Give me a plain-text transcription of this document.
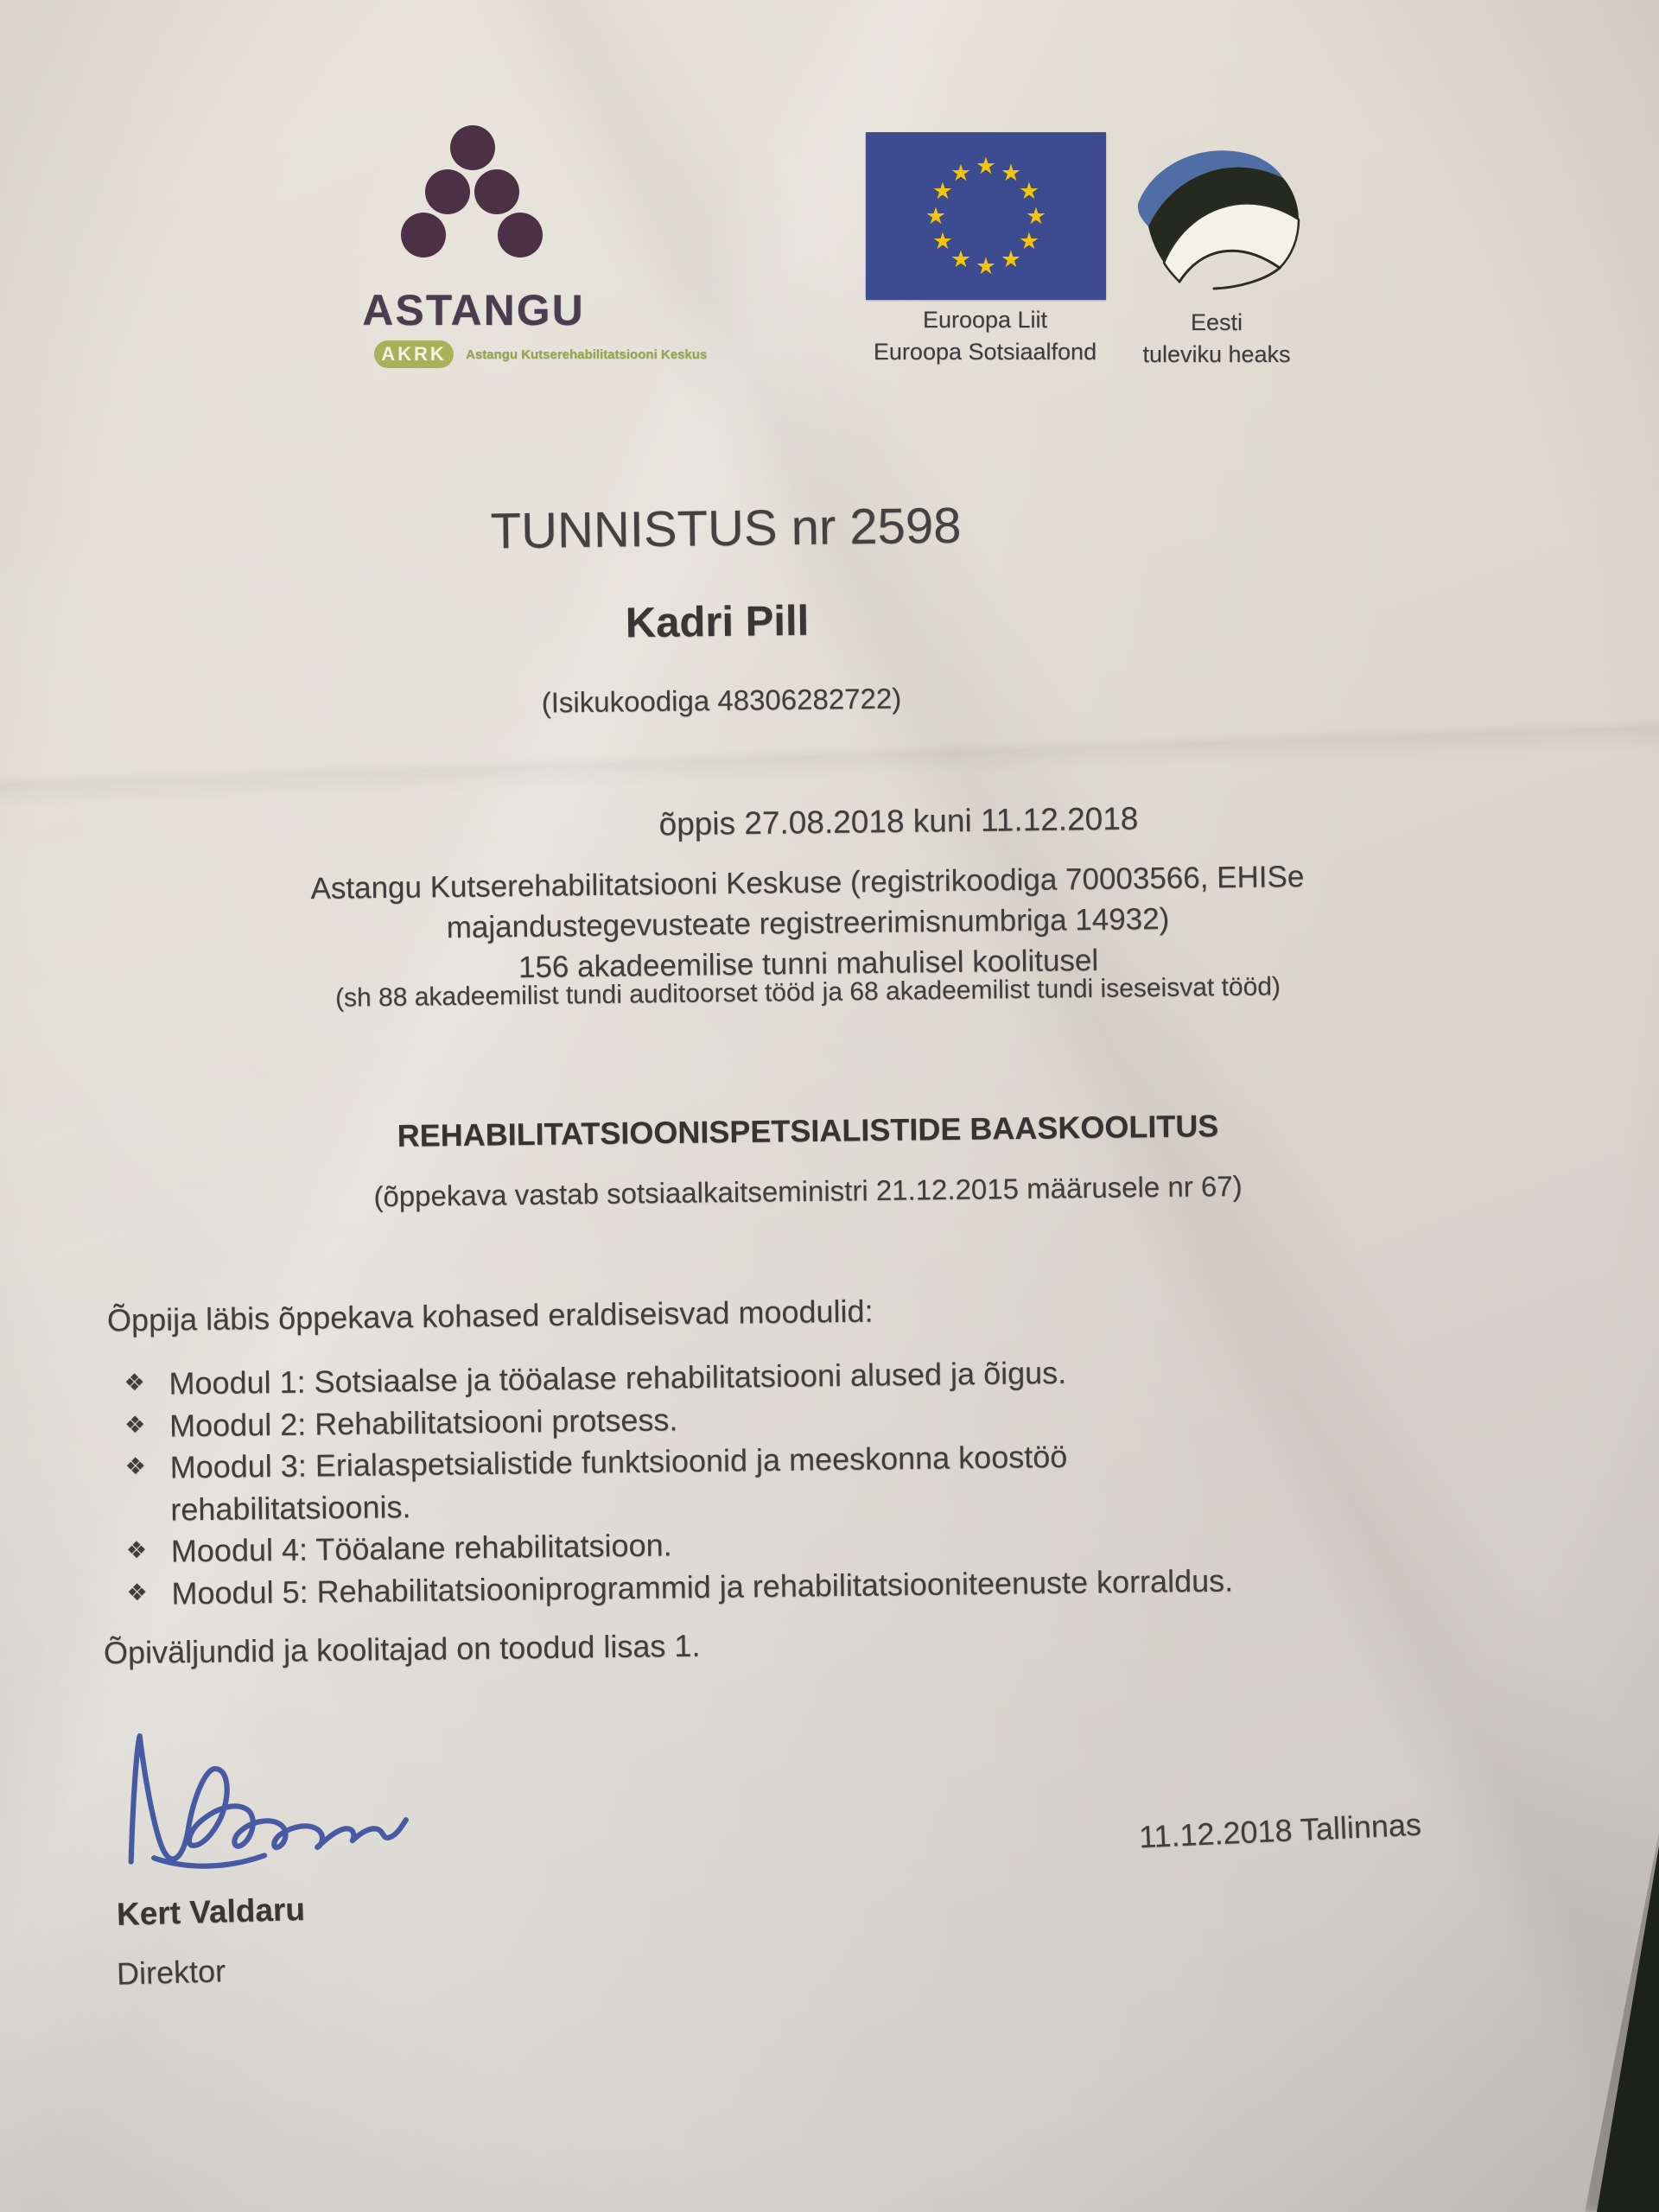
ASTANGU
AKRK	Astangu Kutserehabilitatsiooni Keskus
★ ★
★
★
★
★
★
★
★
★
★
★
Euroopa Liit
Euroopa Sotsiaalfond
Eesti
tuleviku heaks
TUNNISTUS nr 2598
Kadri Pill
(Isikukoodiga 48306282722)
õppis 27.08.2018 kuni 11.12.2018
Astangu Kutserehabilitatsiooni Keskuse (registrikoodiga 70003566, EHISe
majandustegevusteate registreerimisnumbriga 14932)
156 akadeemilise tunni mahulisel koolitusel
(sh 88 akadeemilist tundi auditoorset tööd ja 68 akadeemilist tundi iseseisvat tööd)
REHABILITATSIOONISPETSIALISTIDE BAASKOOLITUS
(õppekava vastab sotsiaalkaitseministri 21.12.2015 määrusele nr 67)
Õppija läbis õppekava kohased eraldiseisvad moodulid:
❖ Moodul 1: Sotsiaalse ja tööalase rehabilitatsiooni alused ja õigus.
❖ Moodul 2: Rehabilitatsiooni protsess.
❖ Moodul 3: Erialaspetsialistide funktsioonid ja meeskonna koostöö
rehabilitatsioonis.
❖ Moodul 4: Tööalane rehabilitatsioon.
❖ Moodul 5: Rehabilitatsiooniprogrammid ja rehabilitatsiooniteenuste korraldus.
Õpiväljundid ja koolitajad on toodud lisas 1.
11.12.2018 Tallinnas
Kert Valdaru
Direktor
